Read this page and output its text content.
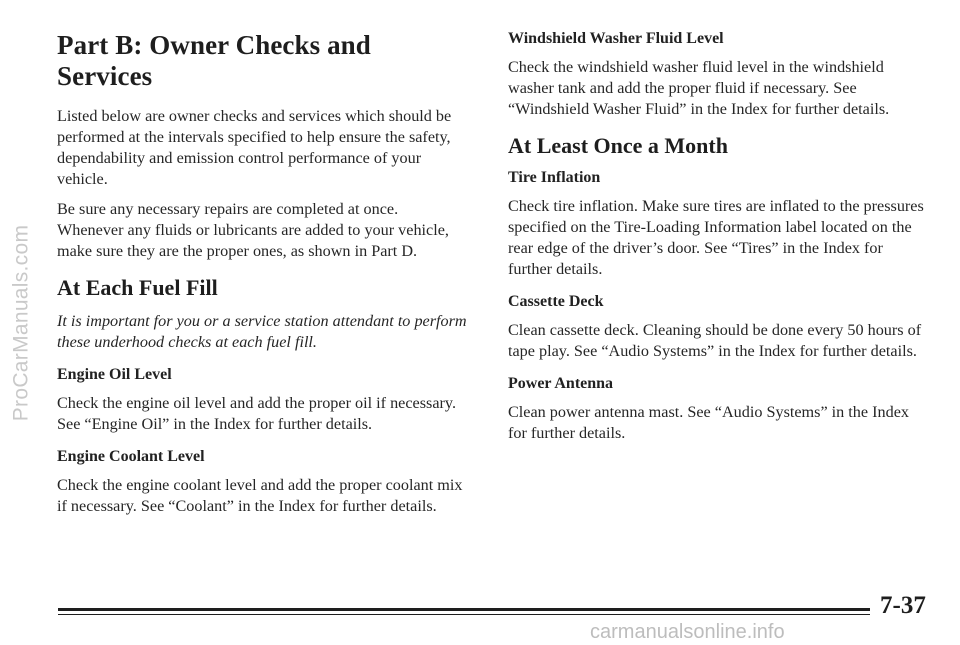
ProCarManuals.com
Part B: Owner Checks and Services

Listed below are owner checks and services which should be performed at the intervals specified to help ensure the safety, dependability and emission control performance of your vehicle.

Be sure any necessary repairs are completed at once. Whenever any fluids or lubricants are added to your vehicle, make sure they are the proper ones, as shown in Part D.

At Each Fuel Fill

It is important for you or a service station attendant to perform these underhood checks at each fuel fill.

Engine Oil Level

Check the engine oil level and add the proper oil if necessary. See “Engine Oil” in the Index for further details.

Engine Coolant Level

Check the engine coolant level and add the proper coolant mix if necessary. See “Coolant” in the Index for further details.

Windshield Washer Fluid Level

Check the windshield washer fluid level in the windshield washer tank and add the proper fluid if necessary. See “Windshield Washer Fluid” in the Index for further details.

At Least Once a Month
Tire Inflation

Check tire inflation. Make sure tires are inflated to the pressures specified on the Tire-Loading Information label located on the rear edge of the driver’s door. See “Tires” in the Index for further details.

Cassette Deck

Clean cassette deck. Cleaning should be done every 50 hours of tape play. See “Audio Systems” in the Index for further details.

Power Antenna

Clean power antenna mast. See “Audio Systems” in the Index for further details.

7-37
carmanualsonline.info
